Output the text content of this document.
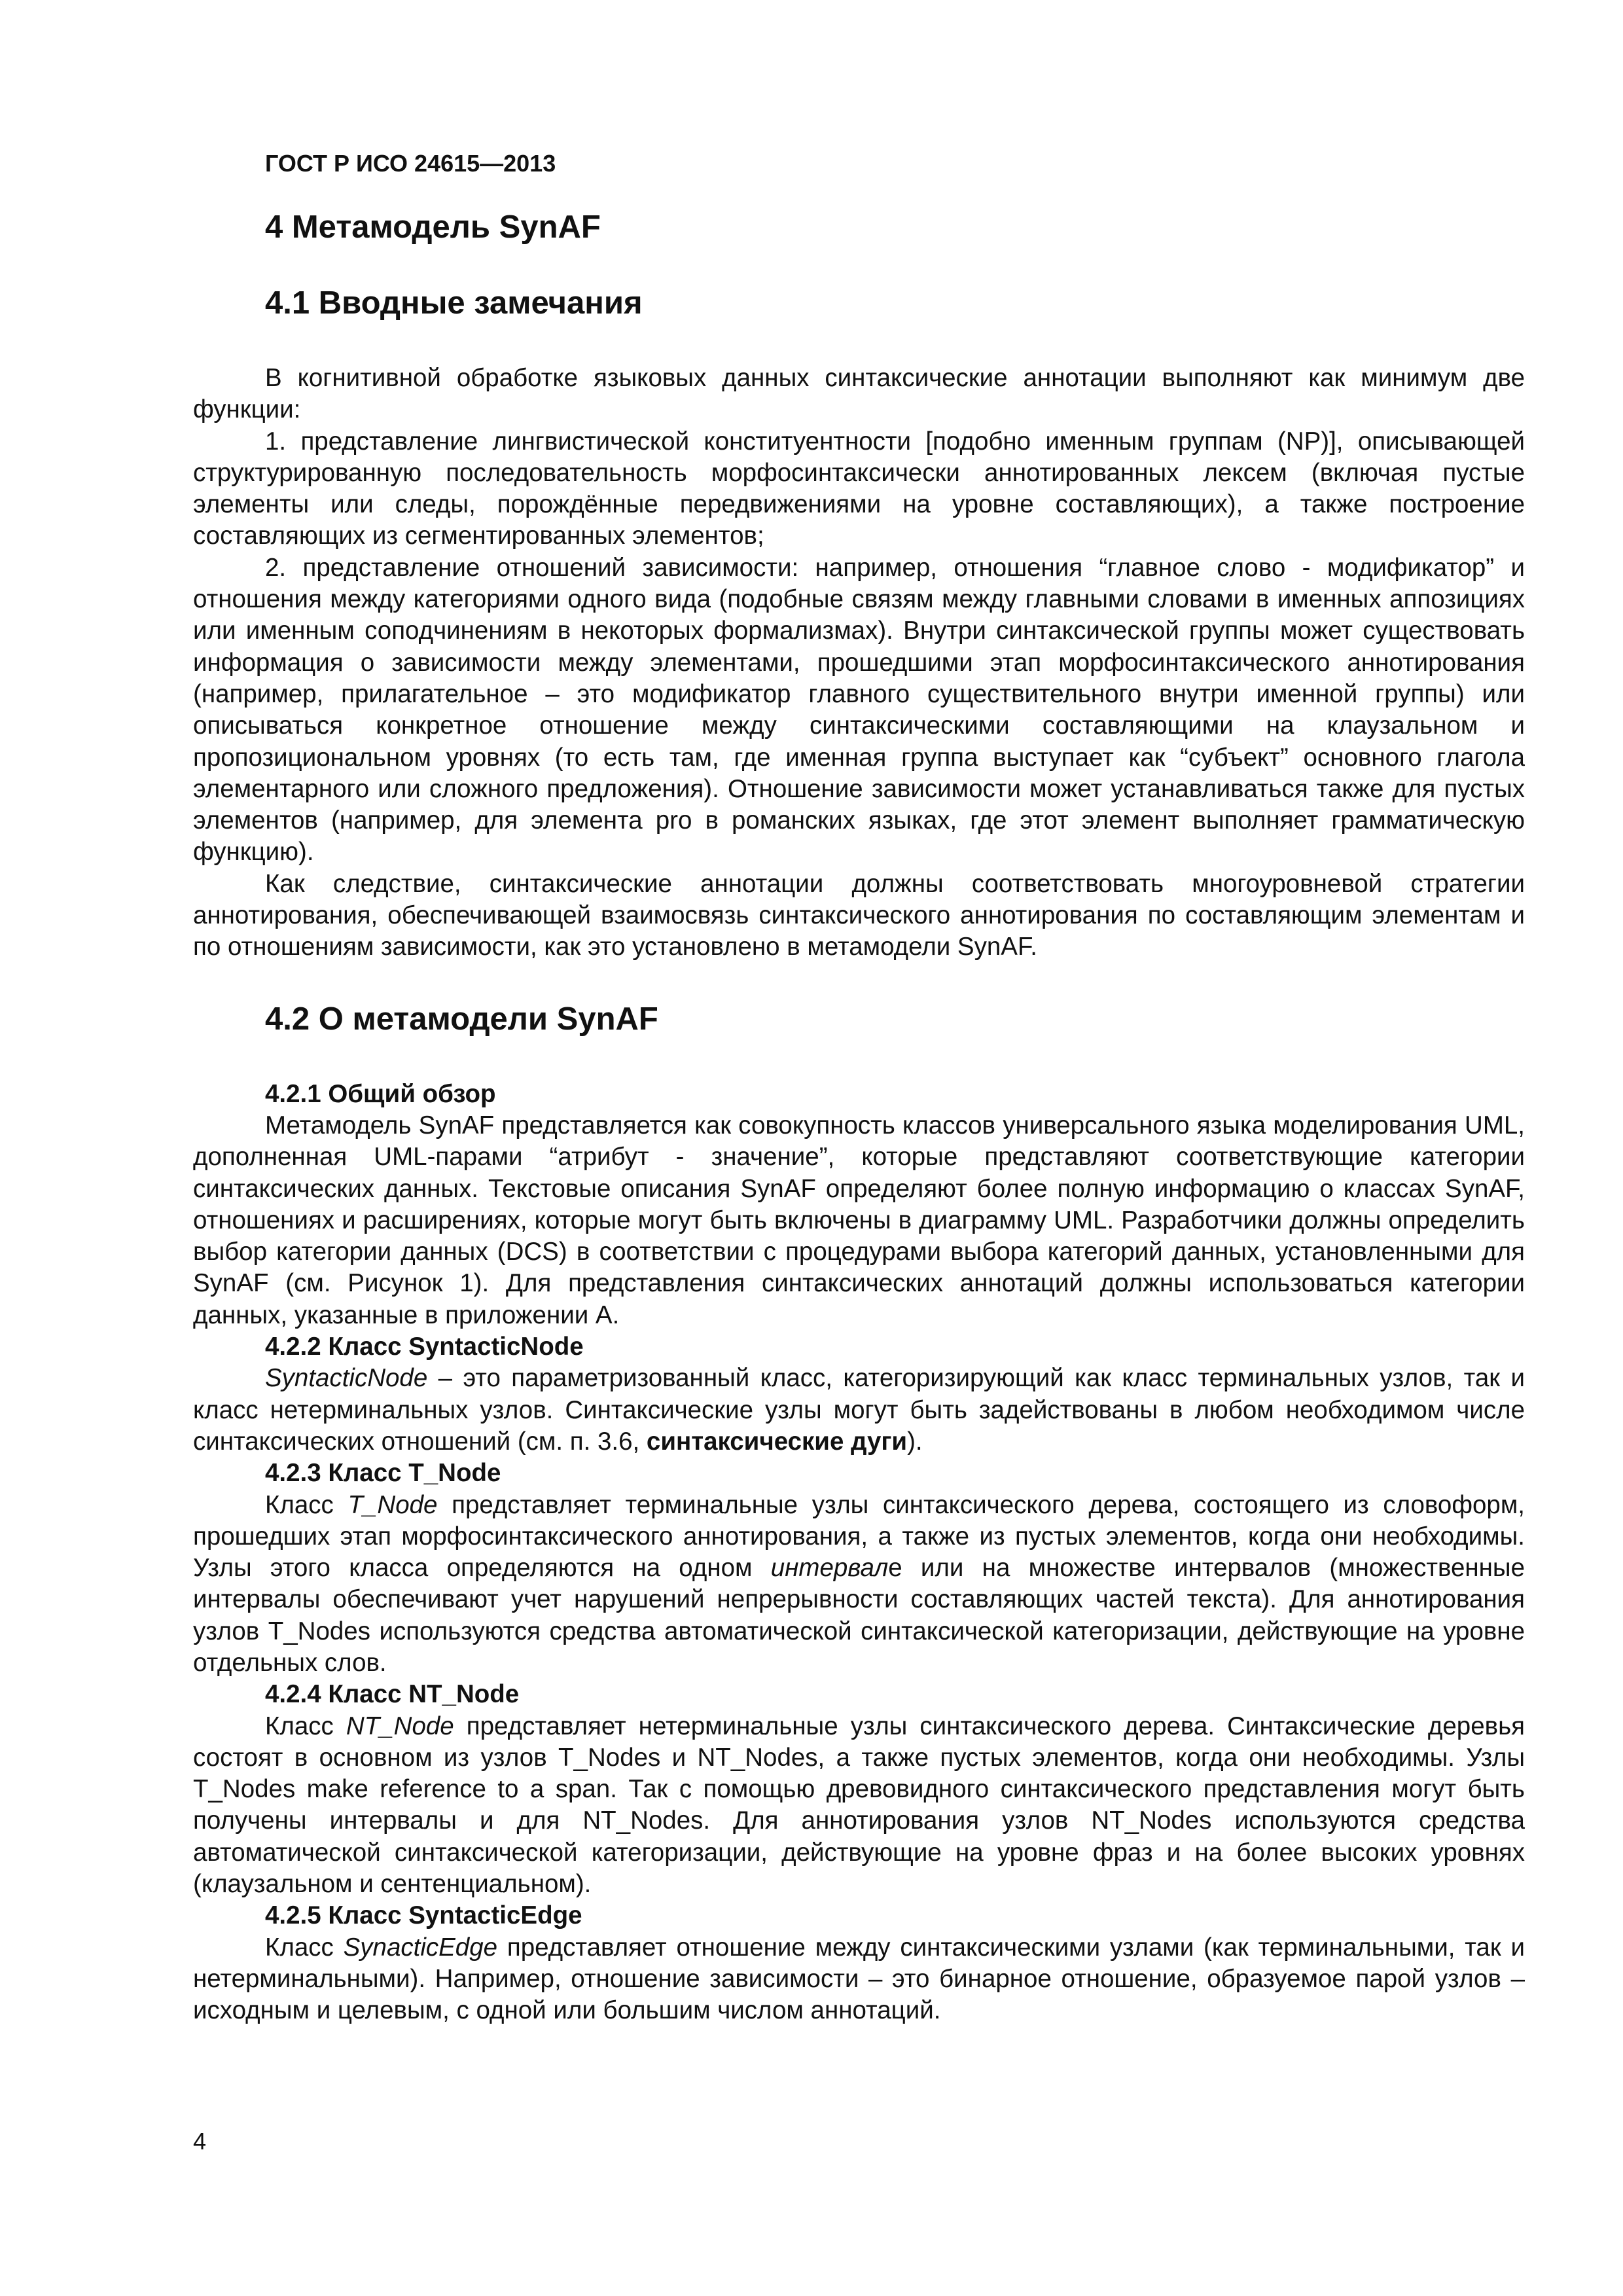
ГОСТ Р ИСО 24615—2013
4 Метамодель SynAF
4.1 Вводные замечания

В когнитивной обработке языковых данных синтаксические аннотации выполняют как минимум две функции:

1. представление лингвистической конституентности [подобно именным группам (NP)], описывающей структурированную последовательность морфосинтаксически аннотированных лексем (включая пустые элементы или следы, порождённые передвижениями на уровне составляющих), а также построение составляющих из сегментированных элементов;

2. представление отношений зависимости: например, отношения “главное слово - модификатор” и отношения между категориями одного вида (подобные связям между главными словами в именных аппозициях или именным соподчинениям в некоторых формализмах). Внутри синтаксической группы может существовать информация о зависимости между элементами, прошедшими этап морфосинтаксического аннотирования (например, прилагательное – это модификатор главного существительного внутри именной группы) или описываться конкретное отношение между синтаксическими составляющими на клаузальном и пропозициональном уровнях (то есть там, где именная группа выступает как “субъект” основного глагола элементарного или сложного предложения). Отношение зависимости может устанавливаться также для пустых элементов (например, для элемента pro в романских языках, где этот элемент выполняет грамматическую функцию).

Как следствие, синтаксические аннотации должны соответствовать многоуровневой стратегии аннотирования, обеспечивающей взаимосвязь синтаксического аннотирования по составляющим элементам и по отношениям зависимости, как это установлено в метамодели SynAF.

4.2 О метамодели SynAF
4.2.1 Общий обзор

Метамодель SynAF представляется как совокупность классов универсального языка моделирования UML, дополненная UML-парами “атрибут - значение”, которые представляют соответствующие категории синтаксических данных. Текстовые описания SynAF определяют более полную информацию о классах SynAF, отношениях и расширениях, которые могут быть включены в диаграмму UML. Разработчики должны определить выбор категории данных (DCS) в соответствии с процедурами выбора категорий данных, установленными для SynAF (см. Рисунок 1). Для представления синтаксических аннотаций должны использоваться категории данных, указанные в приложении А.

4.2.2 Класс SyntacticNode

SyntacticNode – это параметризованный класс, категоризирующий как класс терминальных узлов, так и класс нетерминальных узлов. Синтаксические узлы могут быть задействованы в любом необходимом числе синтаксических отношений (см. п. 3.6, синтаксические дуги).

4.2.3 Класс T_Node

Класс T_Node представляет терминальные узлы синтаксического дерева, состоящего из словоформ, прошедших этап морфосинтаксического аннотирования, а также из пустых элементов, когда они необходимы. Узлы этого класса определяются на одном интервале или на множестве интервалов (множественные интервалы обеспечивают учет нарушений непрерывности составляющих частей текста). Для аннотирования узлов T_Nodes используются средства автоматической синтаксической категоризации, действующие на уровне отдельных слов.

4.2.4 Класс NT_Node

Класс NT_Node представляет нетерминальные узлы синтаксического дерева. Синтаксические деревья состоят в основном из узлов T_Nodes и NT_Nodes, а также пустых элементов, когда они необходимы. Узлы T_Nodes make reference to a span. Так с помощью древовидного синтаксического представления могут быть получены интервалы и для NT_Nodes. Для аннотирования узлов NT_Nodes используются средства автоматической синтаксической категоризации, действующие на уровне фраз и на более высоких уровнях (клаузальном и сентенциальном).

4.2.5 Класс SyntacticEdge

Класс SynacticEdge представляет отношение между синтаксическими узлами (как терминальными, так и нетерминальными). Например, отношение зависимости – это бинарное отношение, образуемое парой узлов – исходным и целевым, с одной или большим числом аннотаций.

4
